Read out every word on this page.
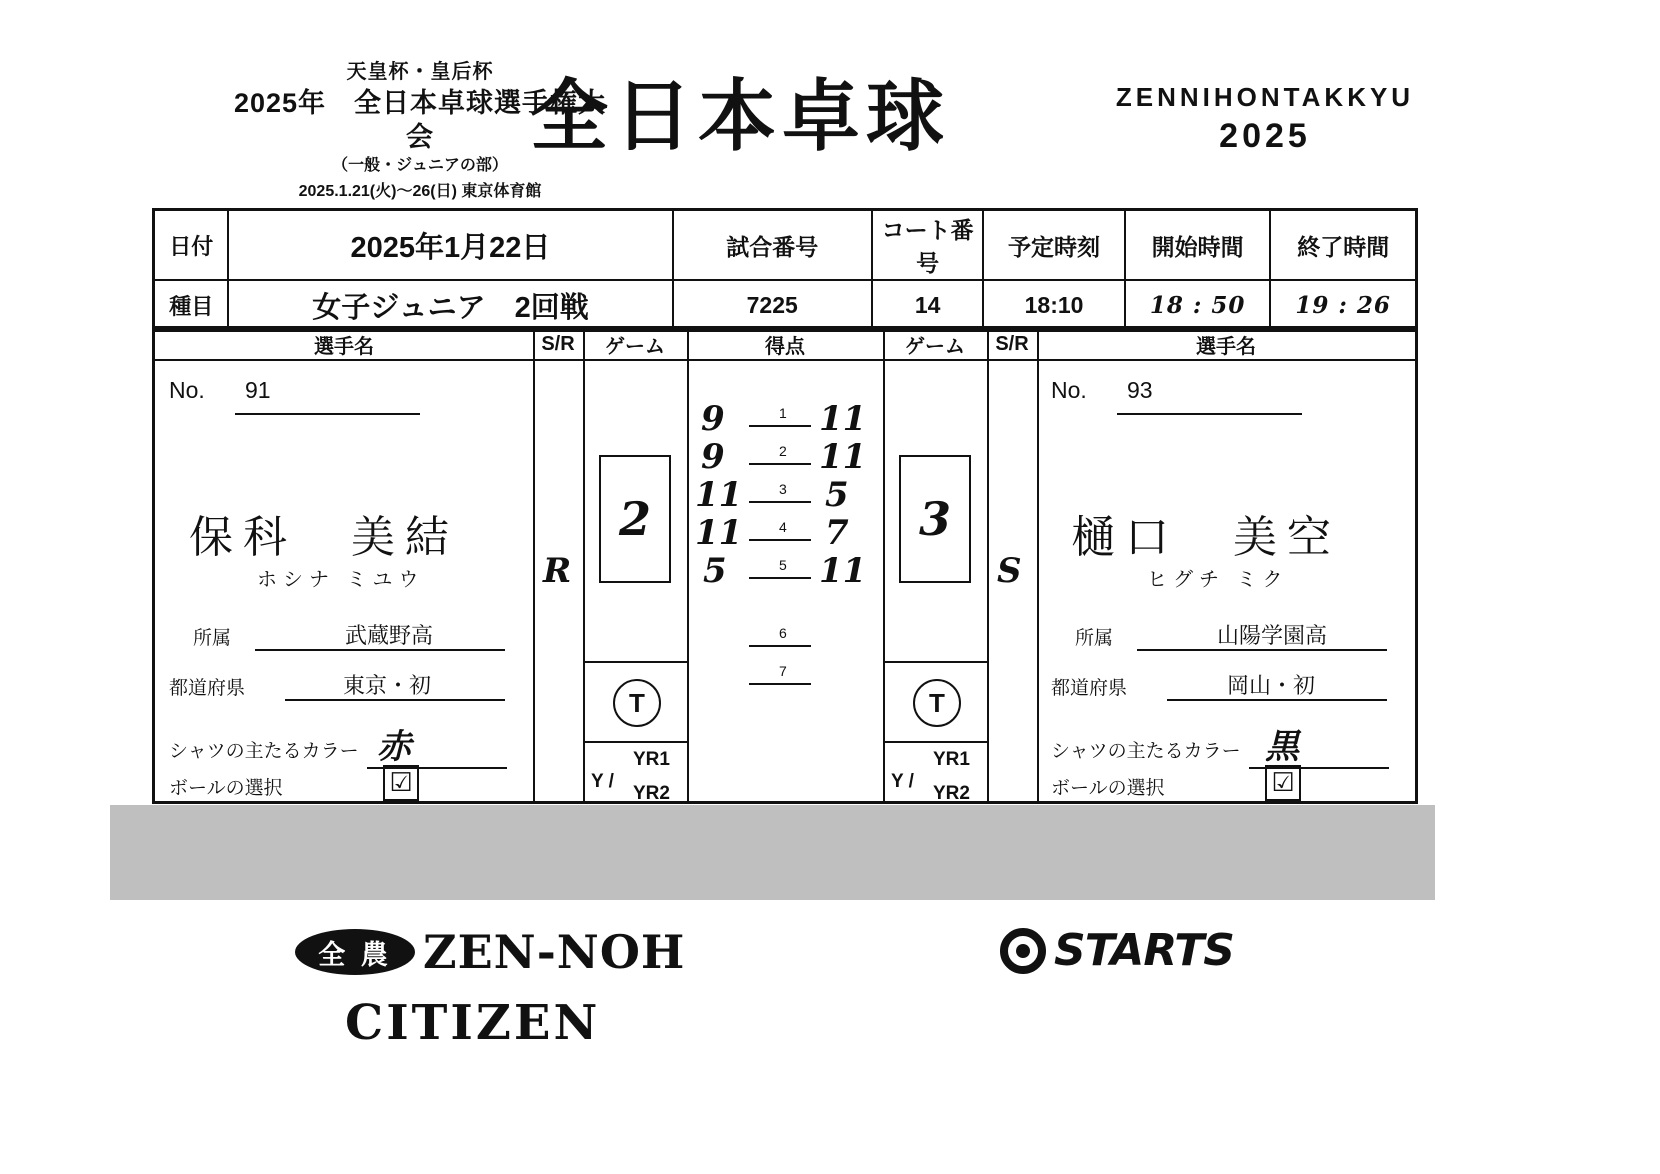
天皇杯・皇后杯
2025年　全日本卓球選手権大会
（一般・ジュニアの部）
2025.1.21(火)〜26(日) 東京体育館
全日本卓球	ZENNIHONTAKKYU
2025
日付	2025年1月22日	試合番号	コート番号	予定時刻	開始時間	終了時間
種目	女子ジュニア　2回戦	7225	14	18:10	18 : 50	19 : 26
選手名	S/R	ゲーム	得点	ゲーム	S/R	選手名
No. 91
保科　美結
ホシナ ミユウ
所属	武蔵野高
都道府県	東京・初
シャツの主たるカラー 赤
ボールの選択	☑
R
2
T
Y /
YR1
YR2
1
9	11
2
9	11
3
11 5
4
11 7
5
5	11
6
7
3
T
Y /
YR1
YR2
S
No. 93
樋口　美空
ヒグチ ミク
所属	山陽学園高
都道府県	岡山・初
シャツの主たるカラー 黒
ボールの選択	☑
全 農 ZEN-NOH
CITIZEN
STARTS
